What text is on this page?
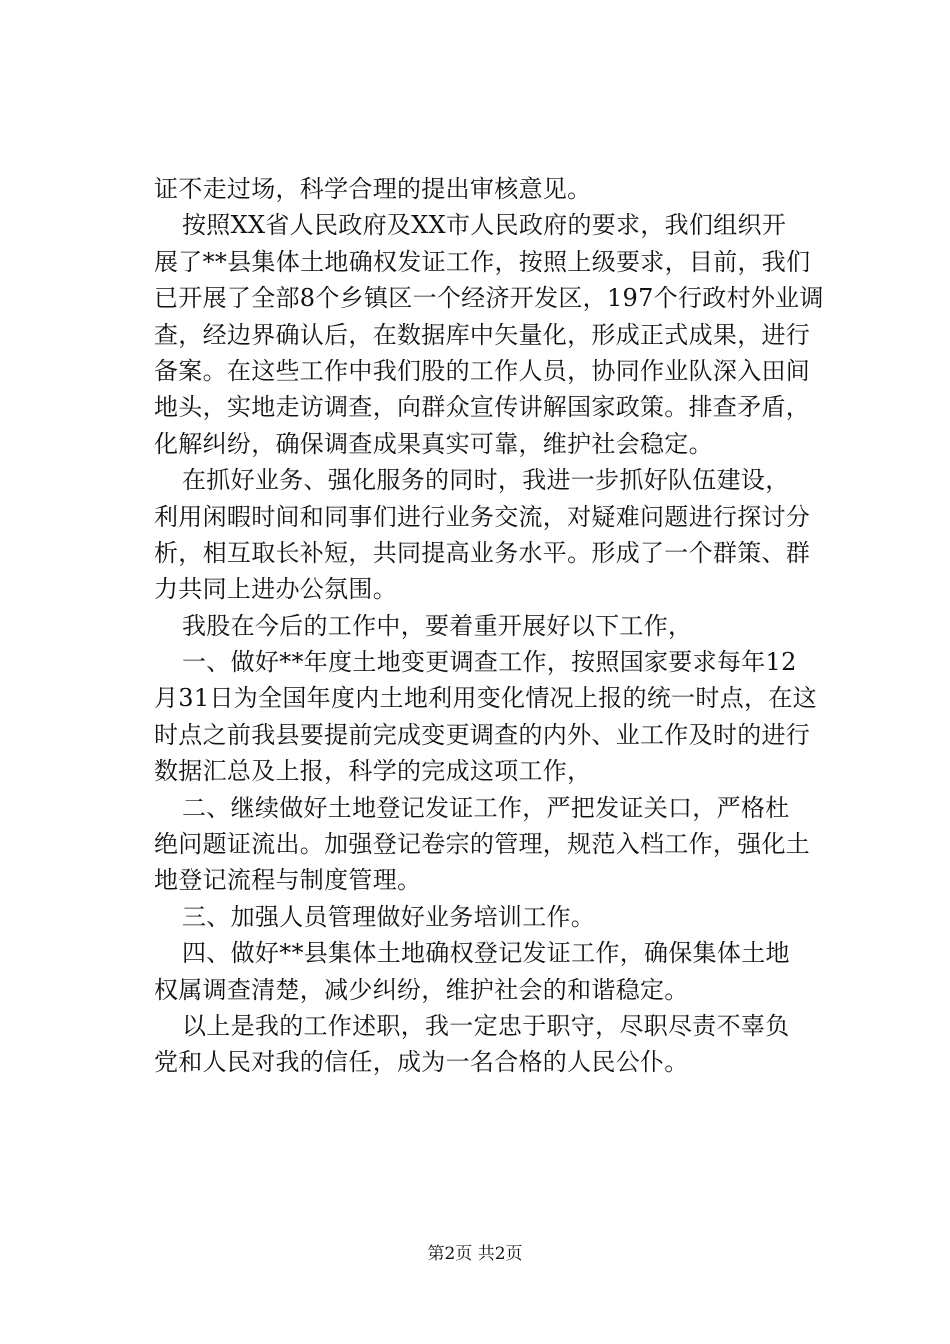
证不走过场，科学合理的提出审核意见。
按照XX省人民政府及XX市人民政府的要求，我们组织开
展了**县集体土地确权发证工作，按照上级要求，目前，我们
已开展了全部8个乡镇区一个经济开发区，197个行政村外业调
查，经边界确认后，在数据库中矢量化，形成正式成果，进行
备案。在这些工作中我们股的工作人员，协同作业队深入田间
地头，实地走访调查，向群众宣传讲解国家政策。排查矛盾，
化解纠纷，确保调查成果真实可靠，维护社会稳定。
在抓好业务、强化服务的同时，我进一步抓好队伍建设，
利用闲暇时间和同事们进行业务交流，对疑难问题进行探讨分
析，相互取长补短，共同提高业务水平。形成了一个群策、群
力共同上进办公氛围。
我股在今后的工作中，要着重开展好以下工作，
一、做好**年度土地变更调查工作，按照国家要求每年12
月31日为全国年度内土地利用变化情况上报的统一时点，在这
时点之前我县要提前完成变更调查的内外、业工作及时的进行
数据汇总及上报，科学的完成这项工作，
二、继续做好土地登记发证工作，严把发证关口，严格杜
绝问题证流出。加强登记卷宗的管理，规范入档工作，强化土
地登记流程与制度管理。
三、加强人员管理做好业务培训工作。
四、做好**县集体土地确权登记发证工作，确保集体土地
权属调查清楚，减少纠纷，维护社会的和谐稳定。
以上是我的工作述职，我一定忠于职守，尽职尽责不辜负
党和人民对我的信任，成为一名合格的人民公仆。
第2页 共2页
